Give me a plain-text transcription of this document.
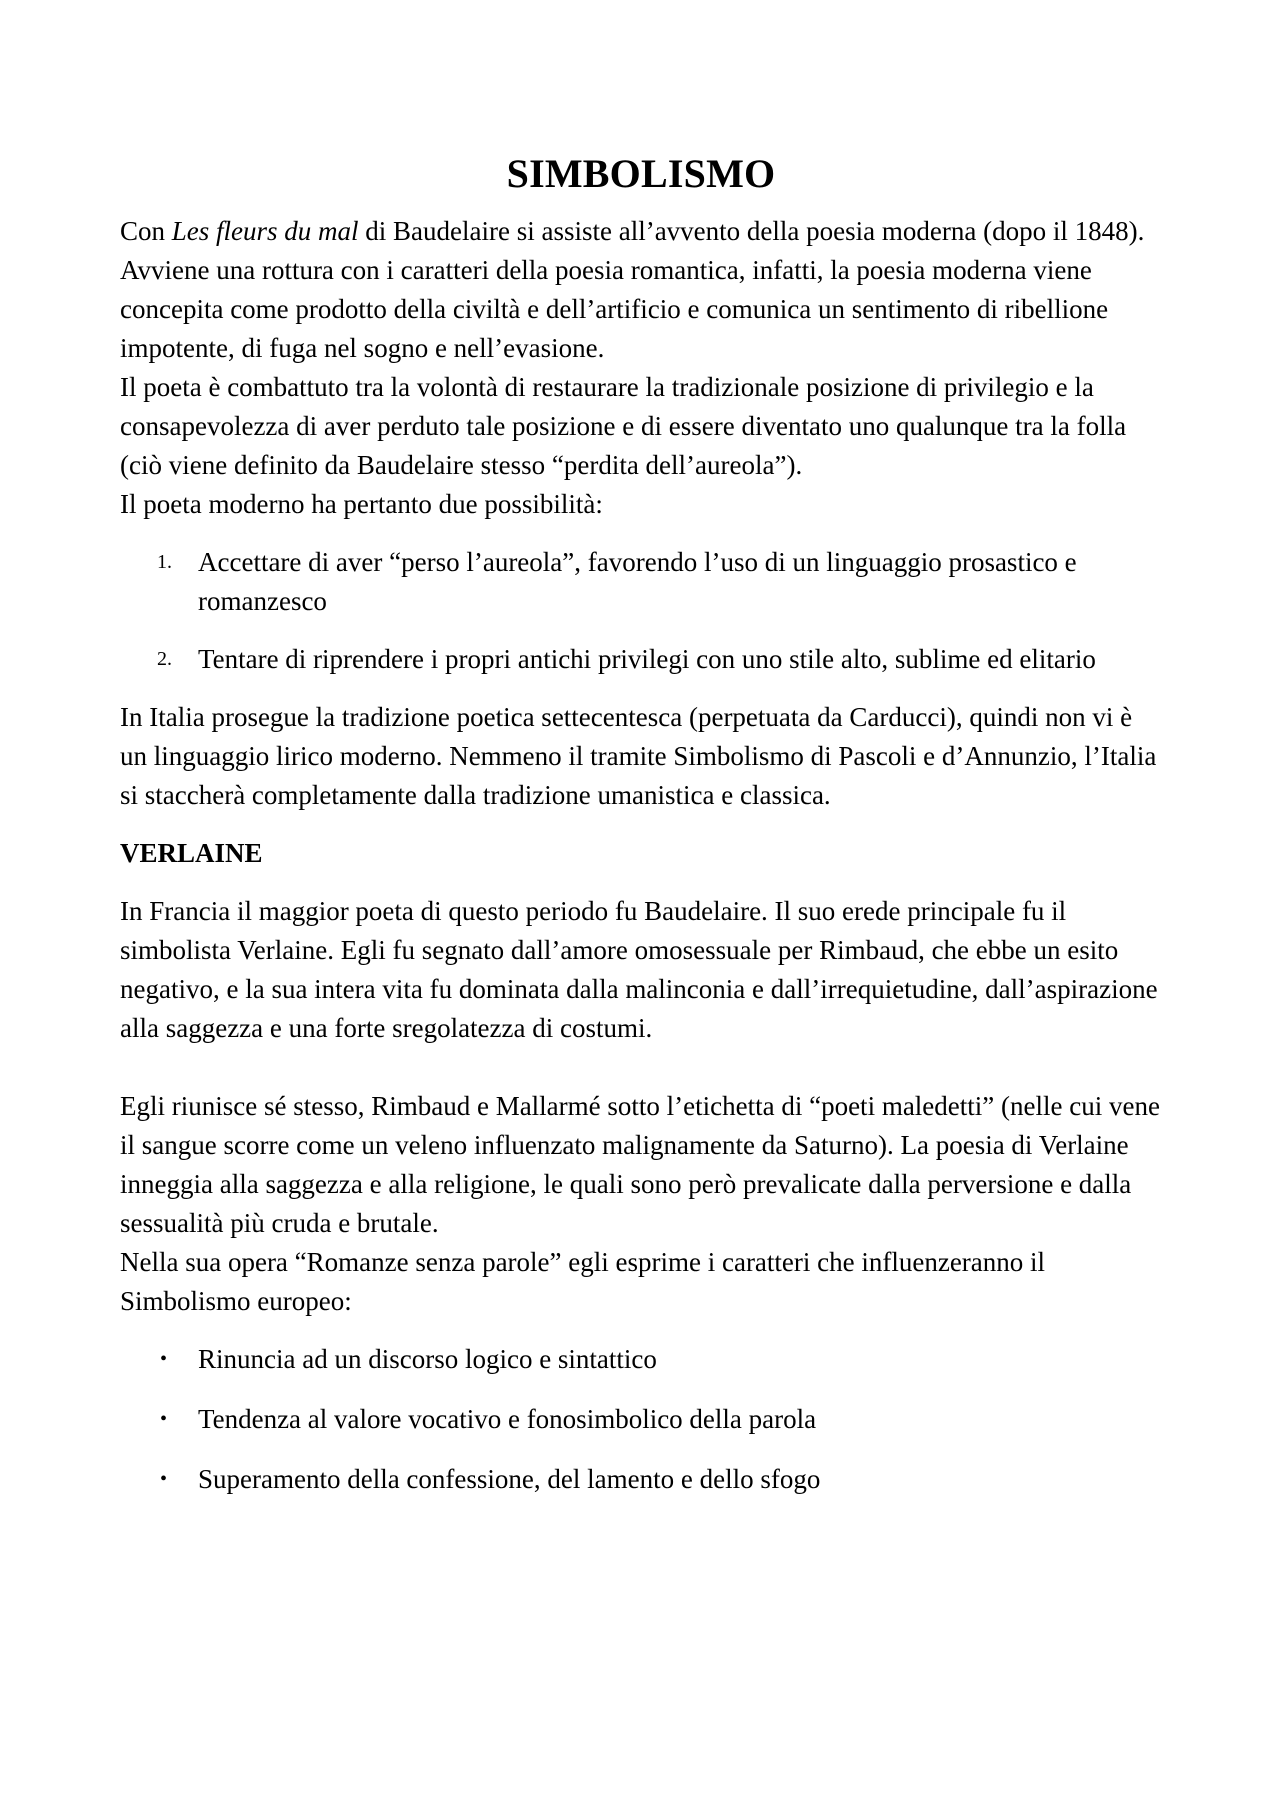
SIMBOLISMO

Con Les fleurs du mal di Baudelaire si assiste all’avvento della poesia moderna (dopo il 1848).

Avviene una rottura con i caratteri della poesia romantica, infatti, la poesia moderna viene concepita come prodotto della civiltà e dell’artificio e comunica un sentimento di ribellione impotente, di fuga nel sogno e nell’evasione.

Il poeta è combattuto tra la volontà di restaurare la tradizionale posizione di privilegio e la consapevolezza di aver perduto tale posizione e di essere diventato uno qualunque tra la folla (ciò viene definito da Baudelaire stesso “perdita dell’aureola”).

Il poeta moderno ha pertanto due possibilità:

1. Accettare di aver “perso l’aureola”, favorendo l’uso di un linguaggio prosastico e romanzesco
2. Tentare di riprendere i propri antichi privilegi con uno stile alto, sublime ed elitario

In Italia prosegue la tradizione poetica settecentesca (perpetuata da Carducci), quindi non vi è un linguaggio lirico moderno. Nemmeno il tramite Simbolismo di Pascoli e d’Annunzio, l’Italia si staccherà completamente dalla tradizione umanistica e classica.

VERLAINE

In Francia il maggior poeta di questo periodo fu Baudelaire. Il suo erede principale fu il simbolista Verlaine. Egli fu segnato dall’amore omosessuale per Rimbaud, che ebbe un esito negativo, e la sua intera vita fu dominata dalla malinconia e dall’irrequietudine, dall’aspirazione alla saggezza e una forte sregolatezza di costumi.

Egli riunisce sé stesso, Rimbaud e Mallarmé sotto l’etichetta di “poeti maledetti” (nelle cui vene il sangue scorre come un veleno influenzato malignamente da Saturno). La poesia di Verlaine inneggia alla saggezza e alla religione, le quali sono però prevalicate dalla perversione e dalla sessualità più cruda e brutale.

Nella sua opera “Romanze senza parole” egli esprime i caratteri che influenzeranno il Simbolismo europeo:

• Rinuncia ad un discorso logico e sintattico
• Tendenza al valore vocativo e fonosimbolico della parola
• Superamento della confessione, del lamento e dello sfogo
